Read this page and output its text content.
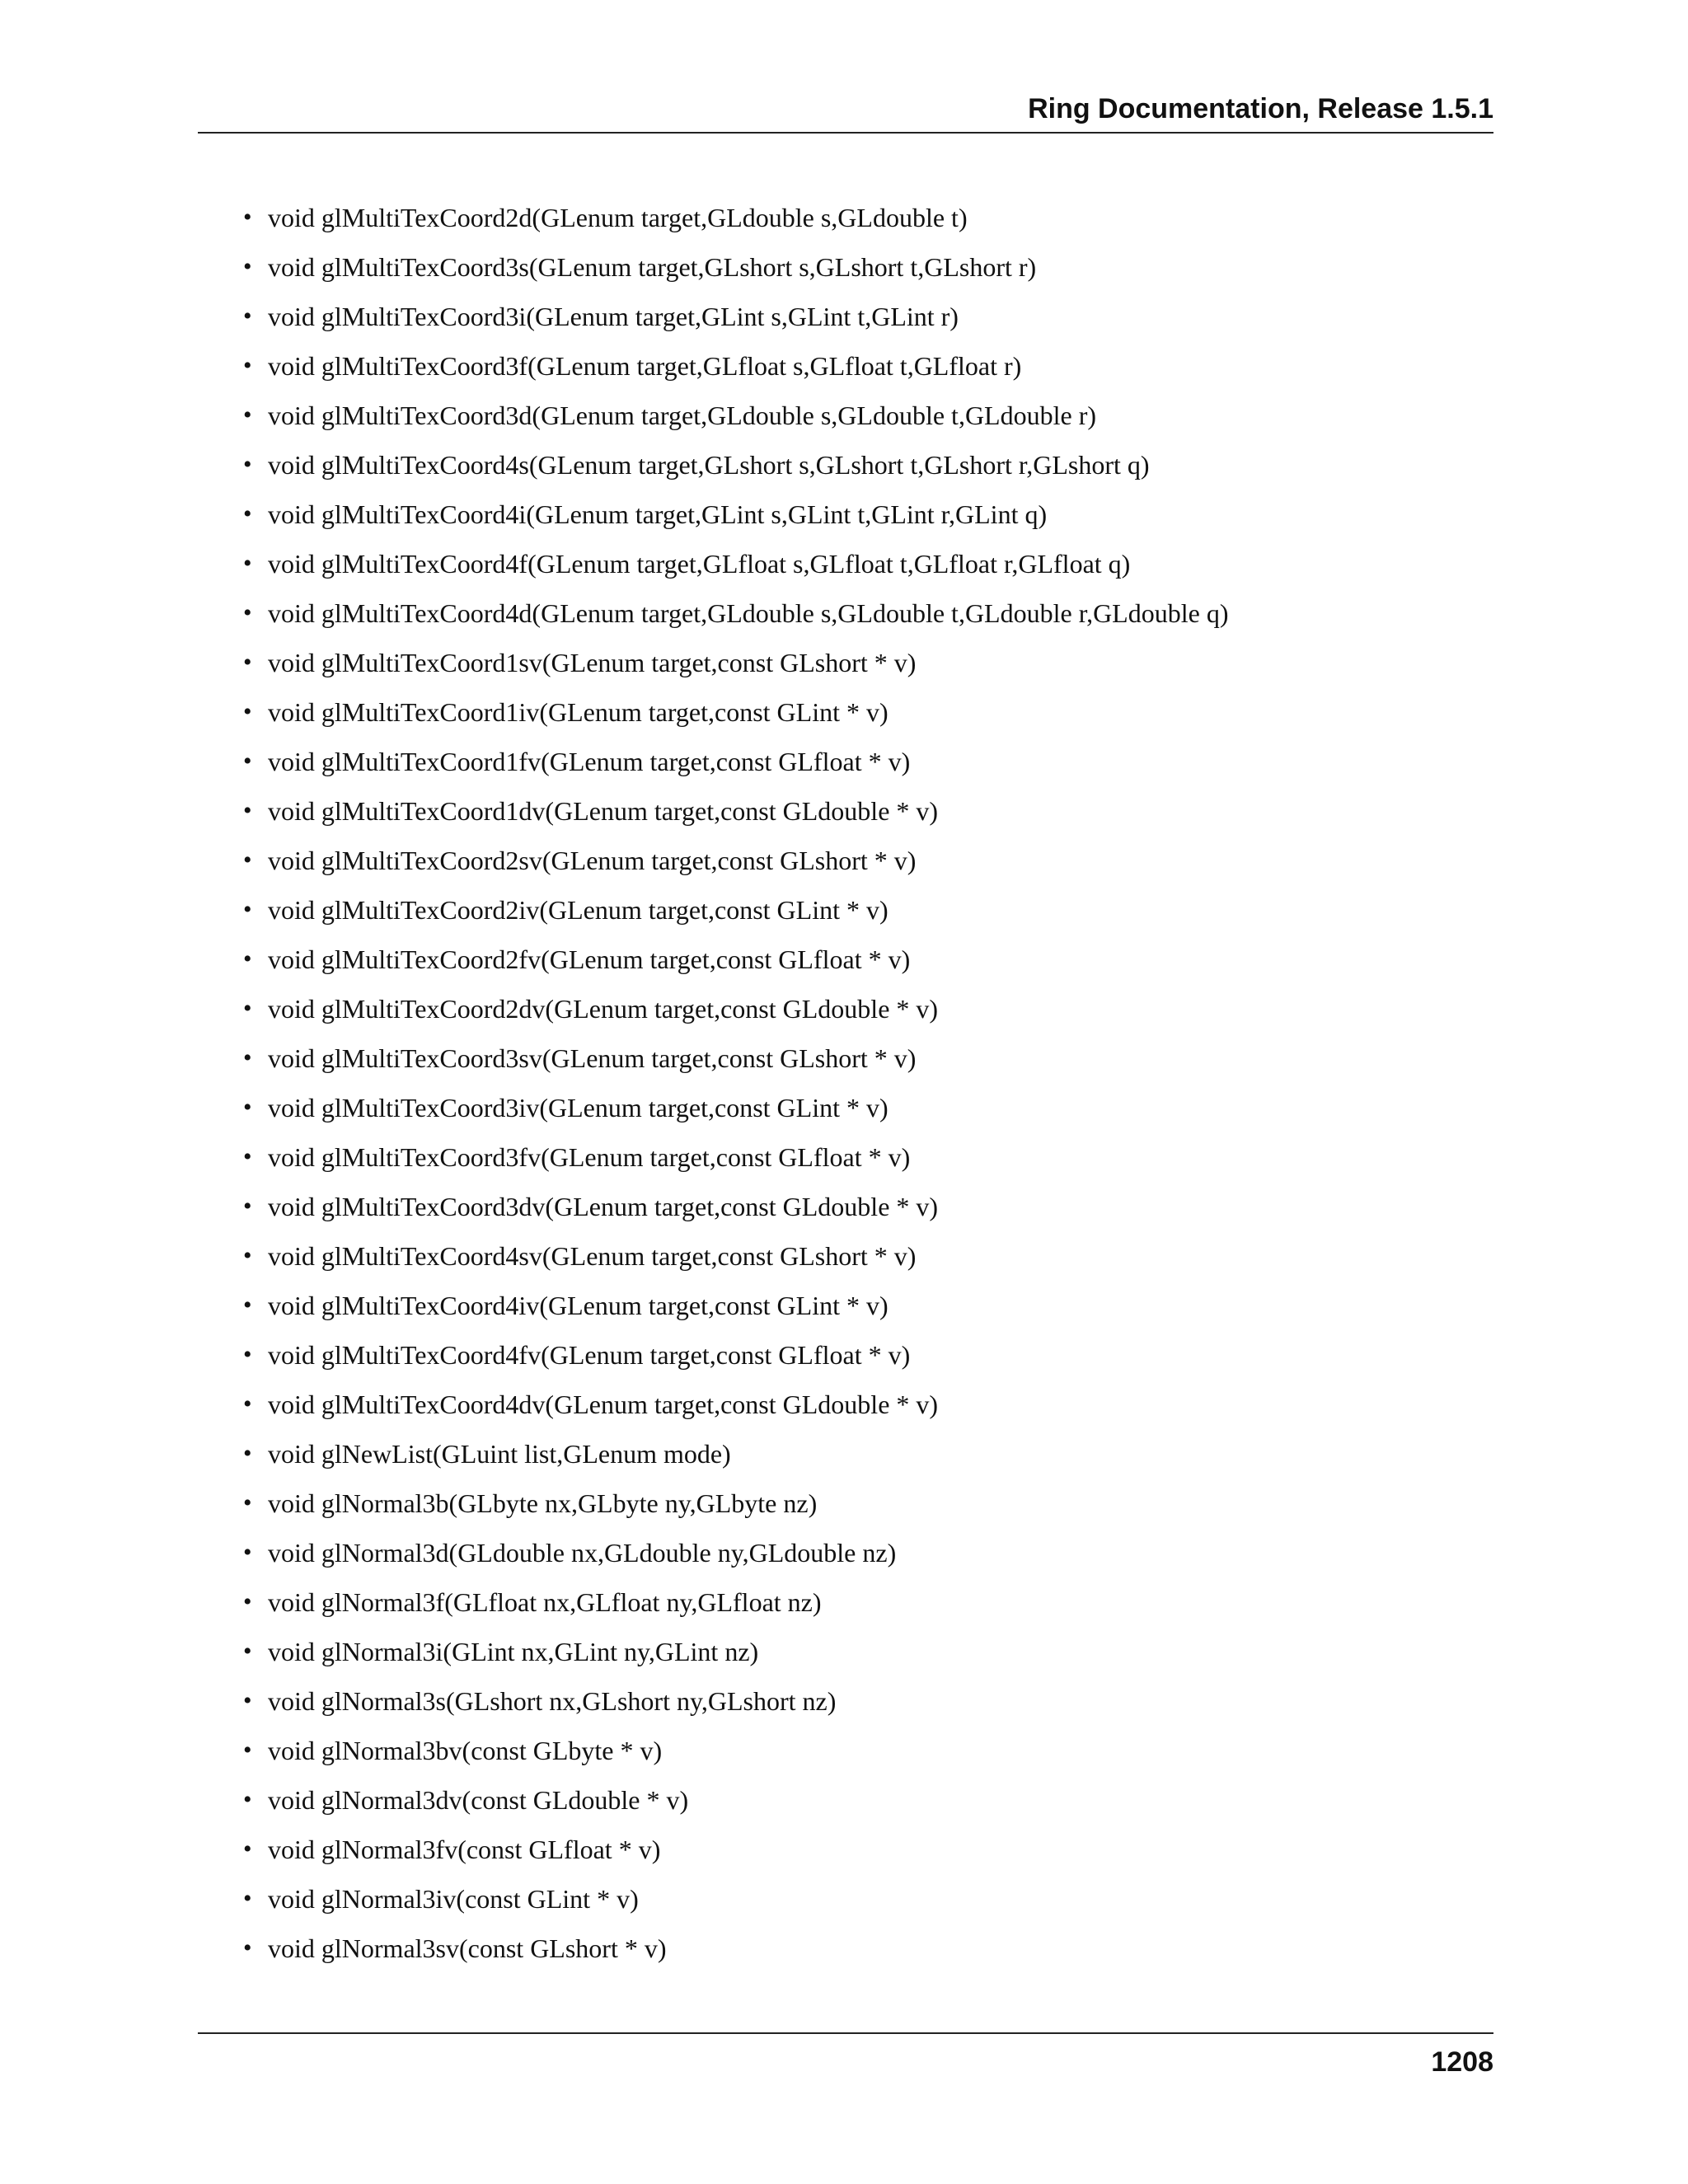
Ring Documentation, Release 1.5.1
• void glMultiTexCoord2d(GLenum target,GLdouble s,GLdouble t)
• void glMultiTexCoord3s(GLenum target,GLshort s,GLshort t,GLshort r)
• void glMultiTexCoord3i(GLenum target,GLint s,GLint t,GLint r)
• void glMultiTexCoord3f(GLenum target,GLfloat s,GLfloat t,GLfloat r)
• void glMultiTexCoord3d(GLenum target,GLdouble s,GLdouble t,GLdouble r)
• void glMultiTexCoord4s(GLenum target,GLshort s,GLshort t,GLshort r,GLshort q)
• void glMultiTexCoord4i(GLenum target,GLint s,GLint t,GLint r,GLint q)
• void glMultiTexCoord4f(GLenum target,GLfloat s,GLfloat t,GLfloat r,GLfloat q)
• void glMultiTexCoord4d(GLenum target,GLdouble s,GLdouble t,GLdouble r,GLdouble q)
• void glMultiTexCoord1sv(GLenum target,const GLshort * v)
• void glMultiTexCoord1iv(GLenum target,const GLint * v)
• void glMultiTexCoord1fv(GLenum target,const GLfloat * v)
• void glMultiTexCoord1dv(GLenum target,const GLdouble * v)
• void glMultiTexCoord2sv(GLenum target,const GLshort * v)
• void glMultiTexCoord2iv(GLenum target,const GLint * v)
• void glMultiTexCoord2fv(GLenum target,const GLfloat * v)
• void glMultiTexCoord2dv(GLenum target,const GLdouble * v)
• void glMultiTexCoord3sv(GLenum target,const GLshort * v)
• void glMultiTexCoord3iv(GLenum target,const GLint * v)
• void glMultiTexCoord3fv(GLenum target,const GLfloat * v)
• void glMultiTexCoord3dv(GLenum target,const GLdouble * v)
• void glMultiTexCoord4sv(GLenum target,const GLshort * v)
• void glMultiTexCoord4iv(GLenum target,const GLint * v)
• void glMultiTexCoord4fv(GLenum target,const GLfloat * v)
• void glMultiTexCoord4dv(GLenum target,const GLdouble * v)
• void glNewList(GLuint list,GLenum mode)
• void glNormal3b(GLbyte nx,GLbyte ny,GLbyte nz)
• void glNormal3d(GLdouble nx,GLdouble ny,GLdouble nz)
• void glNormal3f(GLfloat nx,GLfloat ny,GLfloat nz)
• void glNormal3i(GLint nx,GLint ny,GLint nz)
• void glNormal3s(GLshort nx,GLshort ny,GLshort nz)
• void glNormal3bv(const GLbyte * v)
• void glNormal3dv(const GLdouble * v)
• void glNormal3fv(const GLfloat * v)
• void glNormal3iv(const GLint * v)
• void glNormal3sv(const GLshort * v)
1208
